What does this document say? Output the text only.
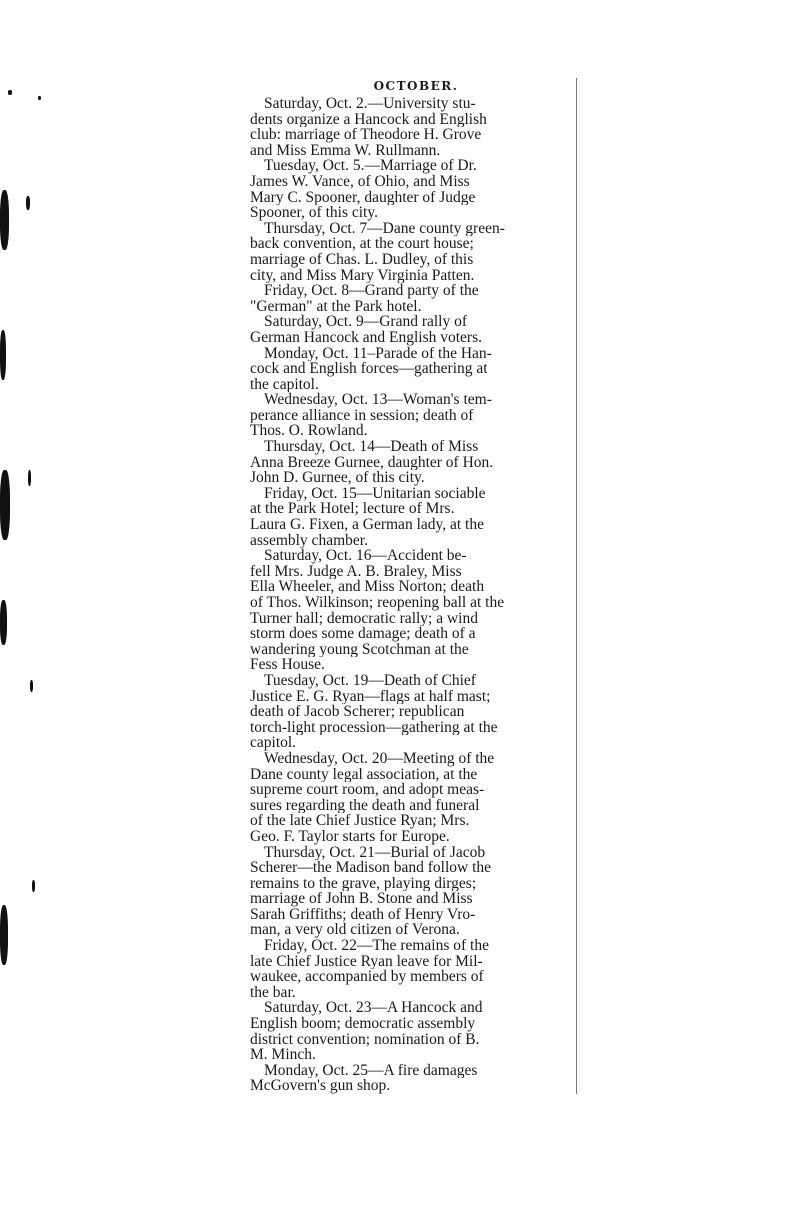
OCTOBER.
Saturday, Oct. 2.—University stu-
dents organize a Hancock and English
club: marriage of Theodore H. Grove
and Miss Emma W. Rullmann.
Tuesday, Oct. 5.—Marriage of Dr.
James W. Vance, of Ohio, and Miss
Mary C. Spooner, daughter of Judge
Spooner, of this city.
Thursday, Oct. 7—Dane county green-
back convention, at the court house;
marriage of Chas. L. Dudley, of this
city, and Miss Mary Virginia Patten.
Friday, Oct. 8—Grand party of the
"German" at the Park hotel.
Saturday, Oct. 9—Grand rally of
German Hancock and English voters.
Monday, Oct. 11–Parade of the Han-
cock and English forces—gathering at
the capitol.
Wednesday, Oct. 13—Woman's tem-
perance alliance in session; death of
Thos. O. Rowland.
Thursday, Oct. 14—Death of Miss
Anna Breeze Gurnee, daughter of Hon.
John D. Gurnee, of this city.
Friday, Oct. 15—Unitarian sociable
at the Park Hotel; lecture of Mrs.
Laura G. Fixen, a German lady, at the
assembly chamber.
Saturday, Oct. 16—Accident be-
fell Mrs. Judge A. B. Braley, Miss
Ella Wheeler, and Miss Norton; death
of Thos. Wilkinson; reopening ball at the
Turner hall; democratic rally; a wind
storm does some damage; death of a
wandering young Scotchman at the
Fess House.
Tuesday, Oct. 19—Death of Chief
Justice E. G. Ryan—flags at half mast;
death of Jacob Scherer; republican
torch-light procession—gathering at the
capitol.
Wednesday, Oct. 20—Meeting of the
Dane county legal association, at the
supreme court room, and adopt meas-
sures regarding the death and funeral
of the late Chief Justice Ryan; Mrs.
Geo. F. Taylor starts for Europe.
Thursday, Oct. 21—Burial of Jacob
Scherer—the Madison band follow the
remains to the grave, playing dirges;
marriage of John B. Stone and Miss
Sarah Griffiths; death of Henry Vro-
man, a very old citizen of Verona.
Friday, Oct. 22—The remains of the
late Chief Justice Ryan leave for Mil-
waukee, accompanied by members of
the bar.
Saturday, Oct. 23—A Hancock and
English boom; democratic assembly
district convention; nomination of B.
M. Minch.
Monday, Oct. 25—A fire damages
McGovern's gun shop.
